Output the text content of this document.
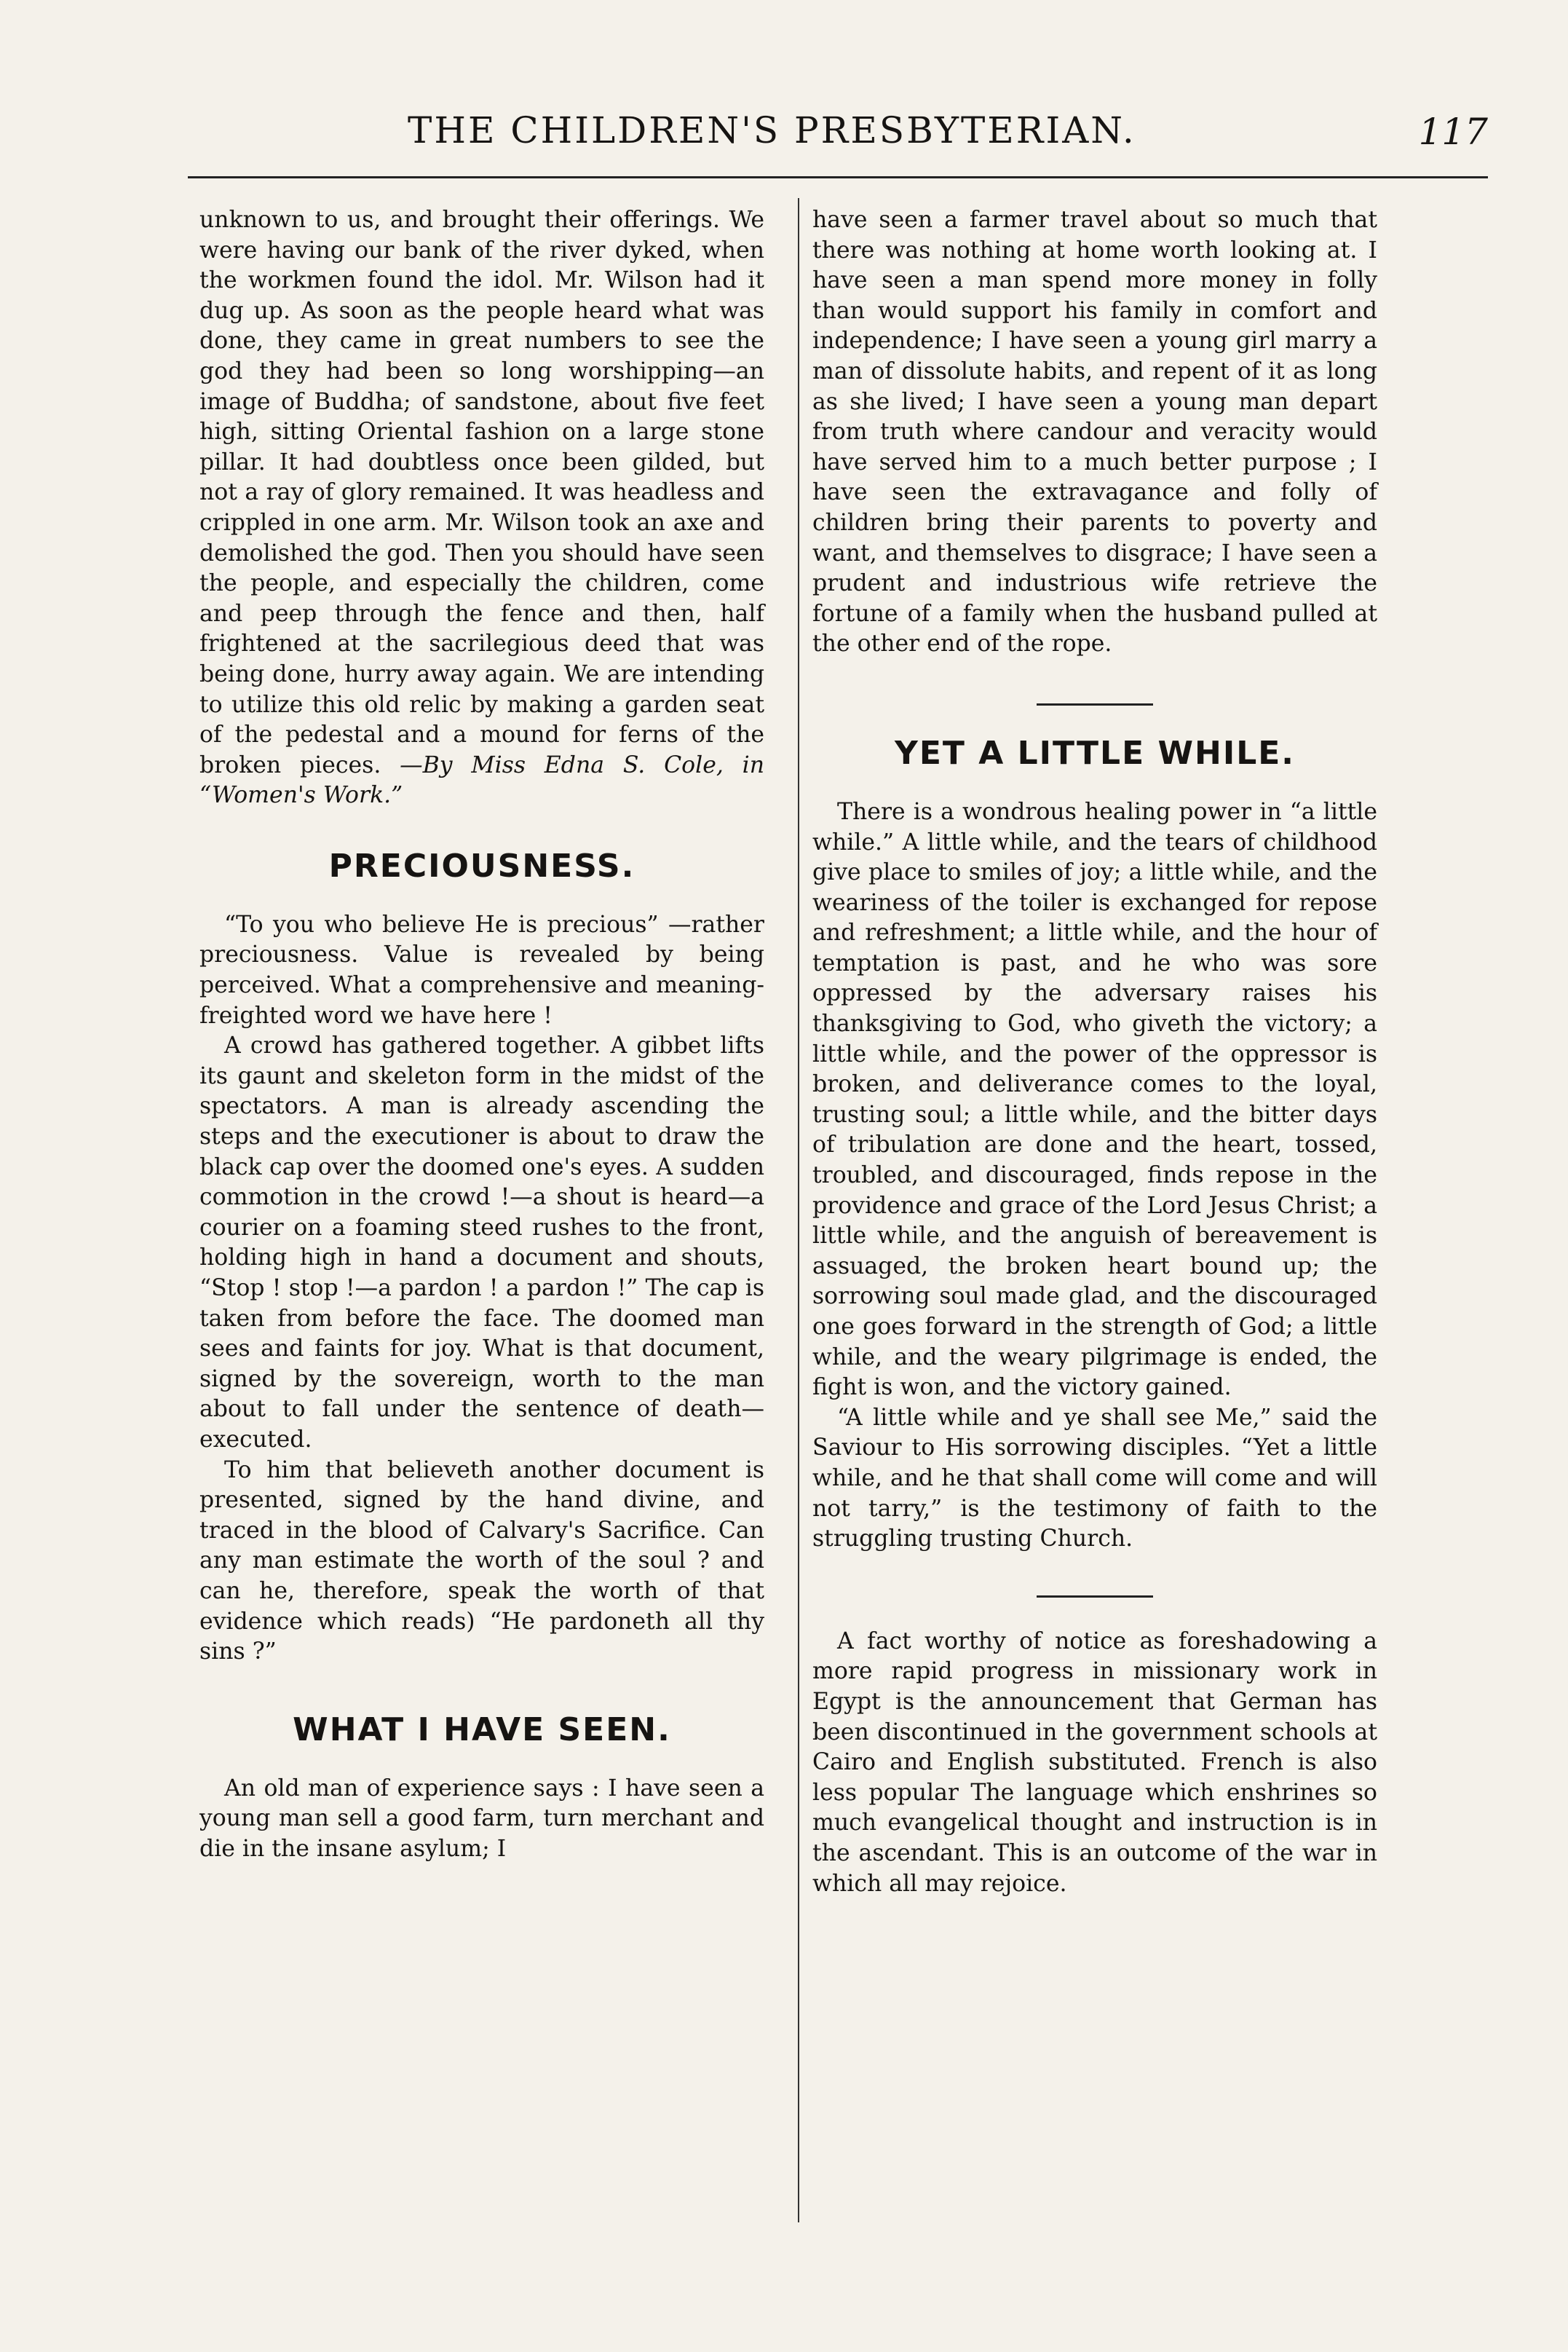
THE CHILDREN'S PRESBYTERIAN.	117

unknown to us, and brought their offerings. We were having our bank of the river dyked, when the workmen found the idol. Mr. Wilson had it dug up. As soon as the people heard what was done, they came in great numbers to see the god they had been so long worshipping—an image of Buddha; of sandstone, about five feet high, sitting Oriental fashion on a large stone pillar. It had doubtless once been gilded, but not a ray of glory remained. It was headless and crippled in one arm. Mr. Wilson took an axe and demolished the god. Then you should have seen the people, and especially the children, come and peep through the fence and then, half frightened at the sacrilegious deed that was being done, hurry away again. We are intending to utilize this old relic by making a garden seat of the pedestal and a mound for ferns of the broken pieces. —By Miss Edna S. Cole, in “Women's Work.”

PRECIOUSNESS.

“To you who believe He is precious” —rather preciousness. Value is revealed by being perceived. What a comprehensive and meaning-freighted word we have here !

A crowd has gathered together. A gibbet lifts its gaunt and skeleton form in the midst of the spectators. A man is already ascending the steps and the executioner is about to draw the black cap over the doomed one's eyes. A sudden commotion in the crowd !—a shout is heard—a courier on a foaming steed rushes to the front, holding high in hand a document and shouts, “Stop ! stop !—a pardon ! a pardon !” The cap is taken from before the face. The doomed man sees and faints for joy. What is that document, signed by the sovereign, worth to the man about to fall under the sentence of death—executed.

To him that believeth another document is presented, signed by the hand divine, and traced in the blood of Calvary's Sacrifice. Can any man estimate the worth of the soul ? and can he, therefore, speak the worth of that evidence which reads) “He pardoneth all thy sins ?”

WHAT I HAVE SEEN.

An old man of experience says : I have seen a young man sell a good farm, turn merchant and die in the insane asylum; I

have seen a farmer travel about so much that there was nothing at home worth looking at. I have seen a man spend more money in folly than would support his family in comfort and independence; I have seen a young girl marry a man of dissolute habits, and repent of it as long as she lived; I have seen a young man depart from truth where candour and veracity would have served him to a much better purpose ; I have seen the extravagance and folly of children bring their parents to poverty and want, and themselves to disgrace; I have seen a prudent and industrious wife retrieve the fortune of a family when the husband pulled at the other end of the rope.

YET A LITTLE WHILE.

There is a wondrous healing power in “a little while.” A little while, and the tears of childhood give place to smiles of joy; a little while, and the weariness of the toiler is exchanged for repose and refreshment; a little while, and the hour of temptation is past, and he who was sore oppressed by the adversary raises his thanksgiving to God, who giveth the victory; a little while, and the power of the oppressor is broken, and deliverance comes to the loyal, trusting soul; a little while, and the bitter days of tribulation are done and the heart, tossed, troubled, and discouraged, finds repose in the providence and grace of the Lord Jesus Christ; a little while, and the anguish of bereavement is assuaged, the broken heart bound up; the sorrowing soul made glad, and the discouraged one goes forward in the strength of God; a little while, and the weary pilgrimage is ended, the fight is won, and the victory gained.

“A little while and ye shall see Me,” said the Saviour to His sorrowing disciples. “Yet a little while, and he that shall come will come and will not tarry,” is the testimony of faith to the struggling trusting Church.

A fact worthy of notice as foreshadowing a more rapid progress in missionary work in Egypt is the announcement that German has been discontinued in the government schools at Cairo and English substituted. French is also less popular The language which enshrines so much evangelical thought and instruction is in the ascendant. This is an outcome of the war in which all may rejoice.
